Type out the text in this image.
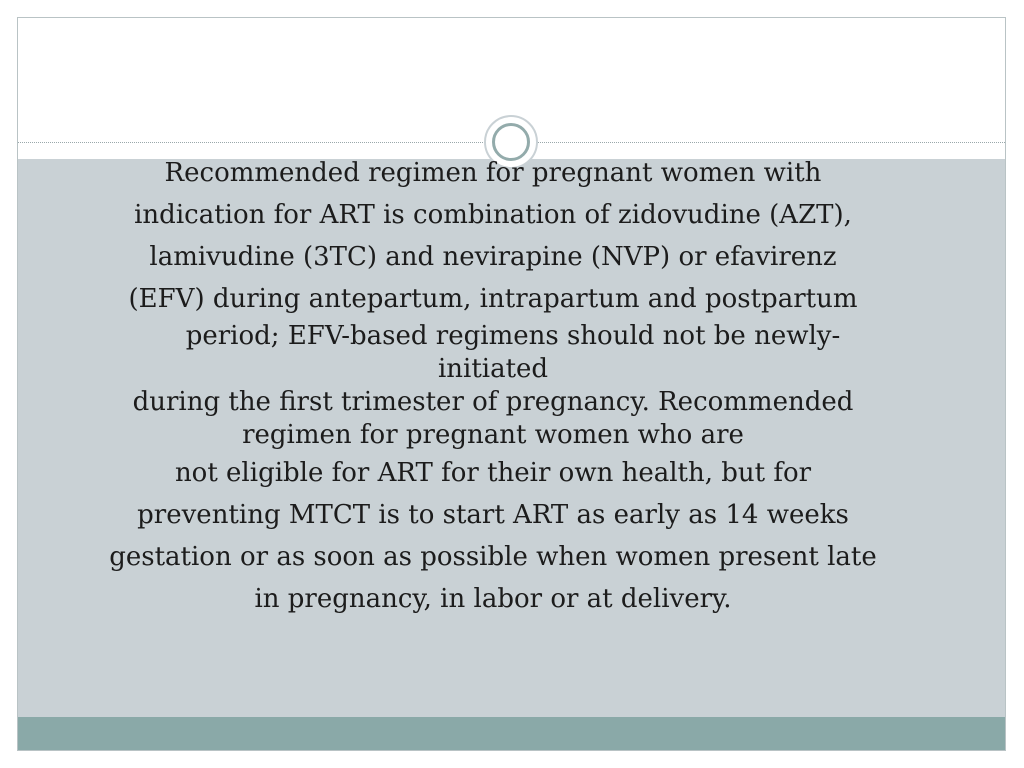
Recommended regimen for pregnant women with
indication for ART is combination of zidovudine (AZT),
lamivudine (3TC) and nevirapine (NVP) or efavirenz
(EFV) during antepartum, intrapartum and postpartum
period; EFV-based regimens should not be newly-
initiated
during the first trimester of pregnancy. Recommended
regimen for pregnant women who are
not eligible for ART for their own health, but for
preventing MTCT is to start ART as early as 14 weeks
gestation or as soon as possible when women present late
in pregnancy, in labor or at delivery.
